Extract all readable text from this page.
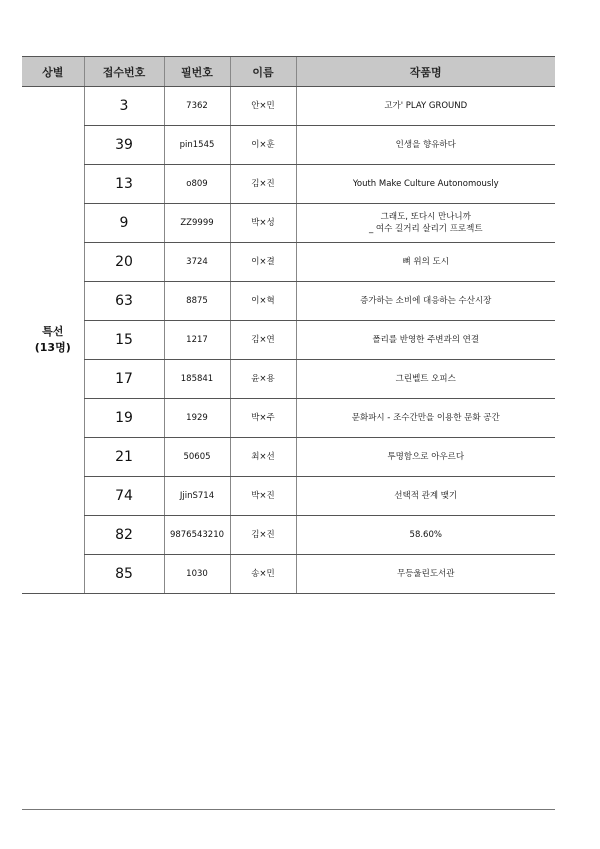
상별	접수번호	필번호	이름	작품명

특선
(13명)	3	7362	안×민	고가' PLAY GROUND

	39	pin1545	이×훈	인생을 향유하다

	13	o809	김×진	Youth Make Culture Autonomously

	9	ZZ9999	박×성	그래도, 또다시 만나니까
_ 여수 길거리 살리기 프로젝트

	20	3724	이×결	뼈 위의 도시

	63	8875	이×혁	증가하는 소비에 대응하는 수산시장

	15	1217	김×연	폴리를 반영한 주변과의 연결

	17	185841	윤×용	그린벨트 오피스

	19	1929	박×주	문화파시 - 조수간만을 이용한 문화 공간

	21	50605	최×선	투명함으로 아우르다

	74	JjinS714	박×진	선택적 관계 맺기

	82	9876543210	김×진	58.60%

	85	1030	송×민	무등울린도서관
